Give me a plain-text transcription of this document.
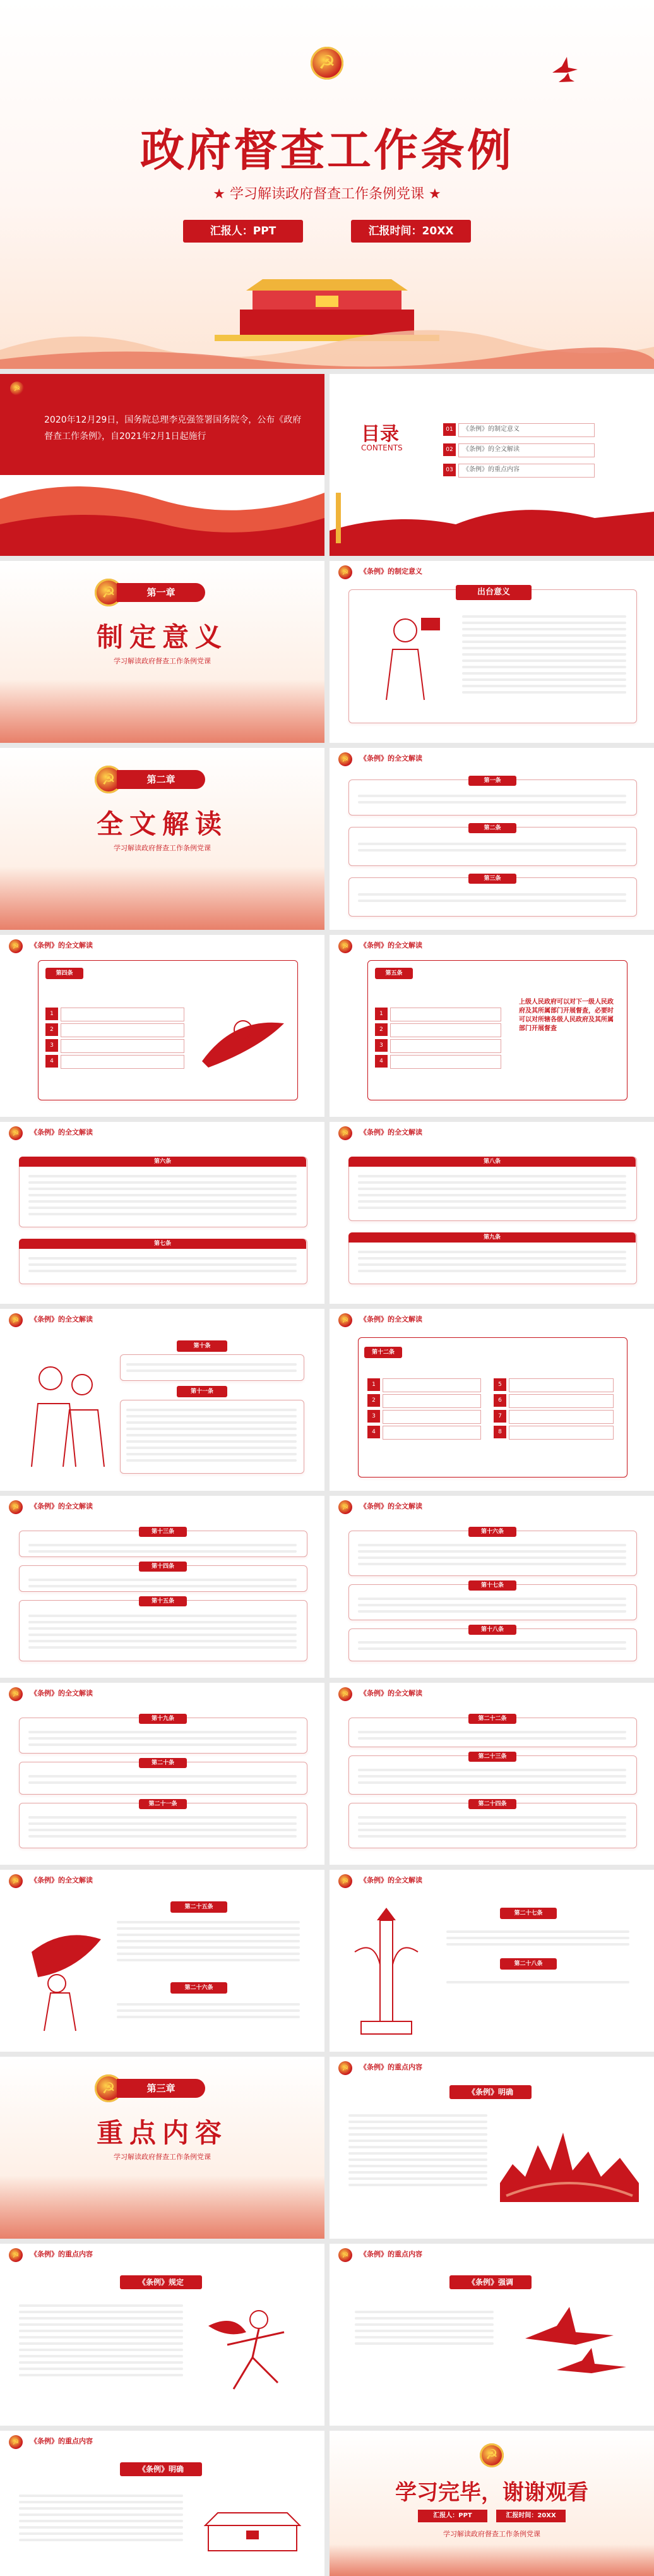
☭
政府督查工作条例
★ 学习解读政府督查工作条例党课 ★
汇报人：PPT	汇报时间：20XX
☭
2020年12月29日，国务院总理李克强签署国务院令，公布《政府督查工作条例》，自2021年2月1日起施行	目录
CONTENTS
01	《条例》的制定意义
02	《条例》的全文解读
03	《条例》的重点内容
☭
第一章
制定意义
学习解读政府督查工作条例党课
☭
《条例》的制定意义
出台意义
☭
第二章
全文解读
学习解读政府督查工作条例党课
☭
《条例》的全文解读
第一条
第二条
第三条
☭
《条例》的全文解读
第四条
1
2
3
4
☭
《条例》的全文解读
第五条
1
2
3
4
上级人民政府可以对下一级人民政府及其所属部门开展督查，必要时可以对所辖各级人民政府及其所属部门开展督查
☭
《条例》的全文解读
第六条
第七条
☭
《条例》的全文解读
第八条
第九条
☭
《条例》的全文解读
第十条
第十一条
☭
《条例》的全文解读
第十二条
1
2
3
4
5
6
7
8
☭
《条例》的全文解读
第十三条
第十四条
第十五条
☭
《条例》的全文解读
第十六条
第十七条
第十八条
☭
《条例》的全文解读
第十九条
第二十条
第二十一条
☭
《条例》的全文解读
第二十二条
第二十三条
第二十四条
☭
《条例》的全文解读
第二十五条
第二十六条
☭
《条例》的全文解读
第二十七条
第二十八条
☭
第三章
重点内容
学习解读政府督查工作条例党课
☭
《条例》的重点内容
《条例》明确
☭
《条例》的重点内容
《条例》规定
☭
《条例》的重点内容
《条例》强调
☭
《条例》的重点内容
《条例》明确
☭
学习完毕，谢谢观看
汇报人：PPT	汇报时间：20XX
学习解读政府督查工作条例党课
